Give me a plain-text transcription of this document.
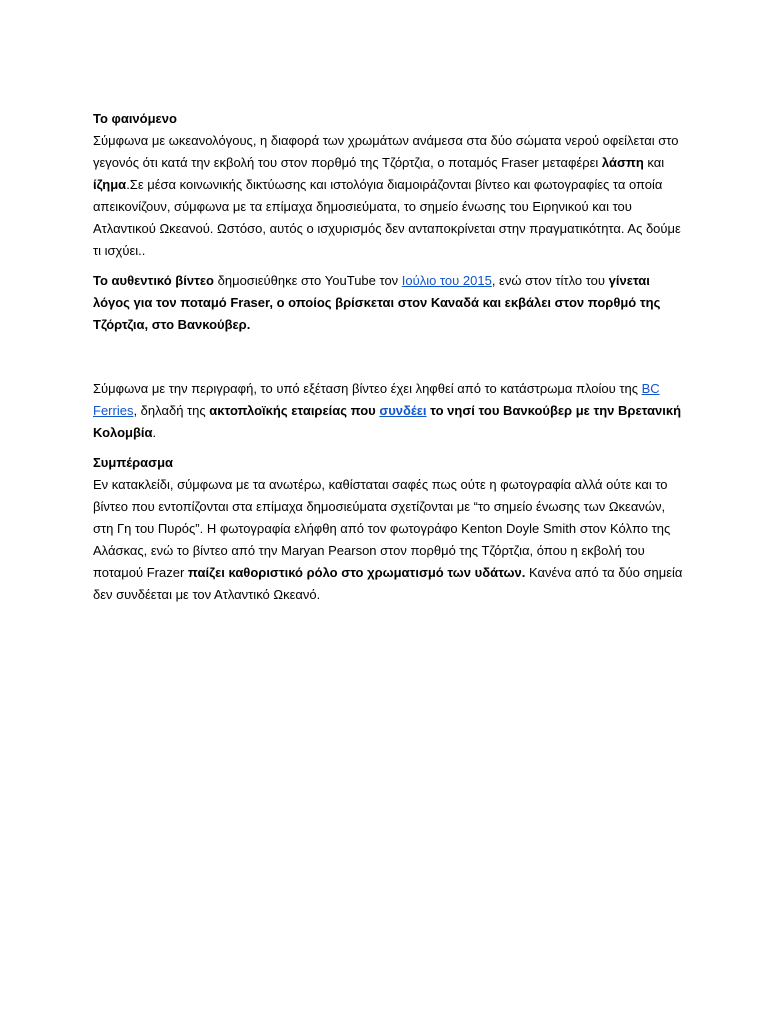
Το φαινόμενο

Σύμφωνα με ωκεανολόγους, η διαφορά των χρωμάτων ανάμεσα στα δύο σώματα νερού οφείλεται στο γεγονός ότι κατά την εκβολή του στον πορθμό της Τζόρτζια, ο ποταμός Fraser μεταφέρει λάσπη και ίζημα.Σε μέσα κοινωνικής δικτύωσης και ιστολόγια διαμοιράζονται βίντεο και φωτογραφίες τα οποία απεικονίζουν, σύμφωνα με τα επίμαχα δημοσιεύματα, το σημείο ένωσης του Ειρηνικού και του Ατλαντικού Ωκεανού. Ωστόσο, αυτός ο ισχυρισμός δεν ανταποκρίνεται στην πραγματικότητα. Ας δούμε τι ισχύει..

Το αυθεντικό βίντεο δημοσιεύθηκε στο YouTube τον Ιούλιο του 2015, ενώ στον τίτλο του γίνεται λόγος για τον ποταμό Fraser, ο οποίος βρίσκεται στον Καναδά και εκβάλει στον πορθμό της Τζόρτζια, στο Βανκούβερ.

Σύμφωνα με την περιγραφή, το υπό εξέταση βίντεο έχει ληφθεί από το κατάστρωμα πλοίου της BC Ferries, δηλαδή της ακτοπλοϊκής εταιρείας που συνδέει το νησί του Βανκούβερ με την Βρετανική Κολομβία.

Συμπέρασμα

Εν κατακλείδι, σύμφωνα με τα ανωτέρω, καθίσταται σαφές πως ούτε η φωτογραφία αλλά ούτε και το βίντεο που εντοπίζονται στα επίμαχα δημοσιεύματα σχετίζονται με “το σημείο ένωσης των Ωκεανών, στη Γη του Πυρός”. Η φωτογραφία ελήφθη από τον φωτογράφο Kenton Doyle Smith στον Κόλπο της Αλάσκας, ενώ το βίντεο από την Maryan Pearson στον πορθμό της Τζόρτζια, όπου η εκβολή του ποταμού Frazer παίζει καθοριστικό ρόλο στο χρωματισμό των υδάτων. Κανένα από τα δύο σημεία δεν συνδέεται με τον Ατλαντικό Ωκεανό.
